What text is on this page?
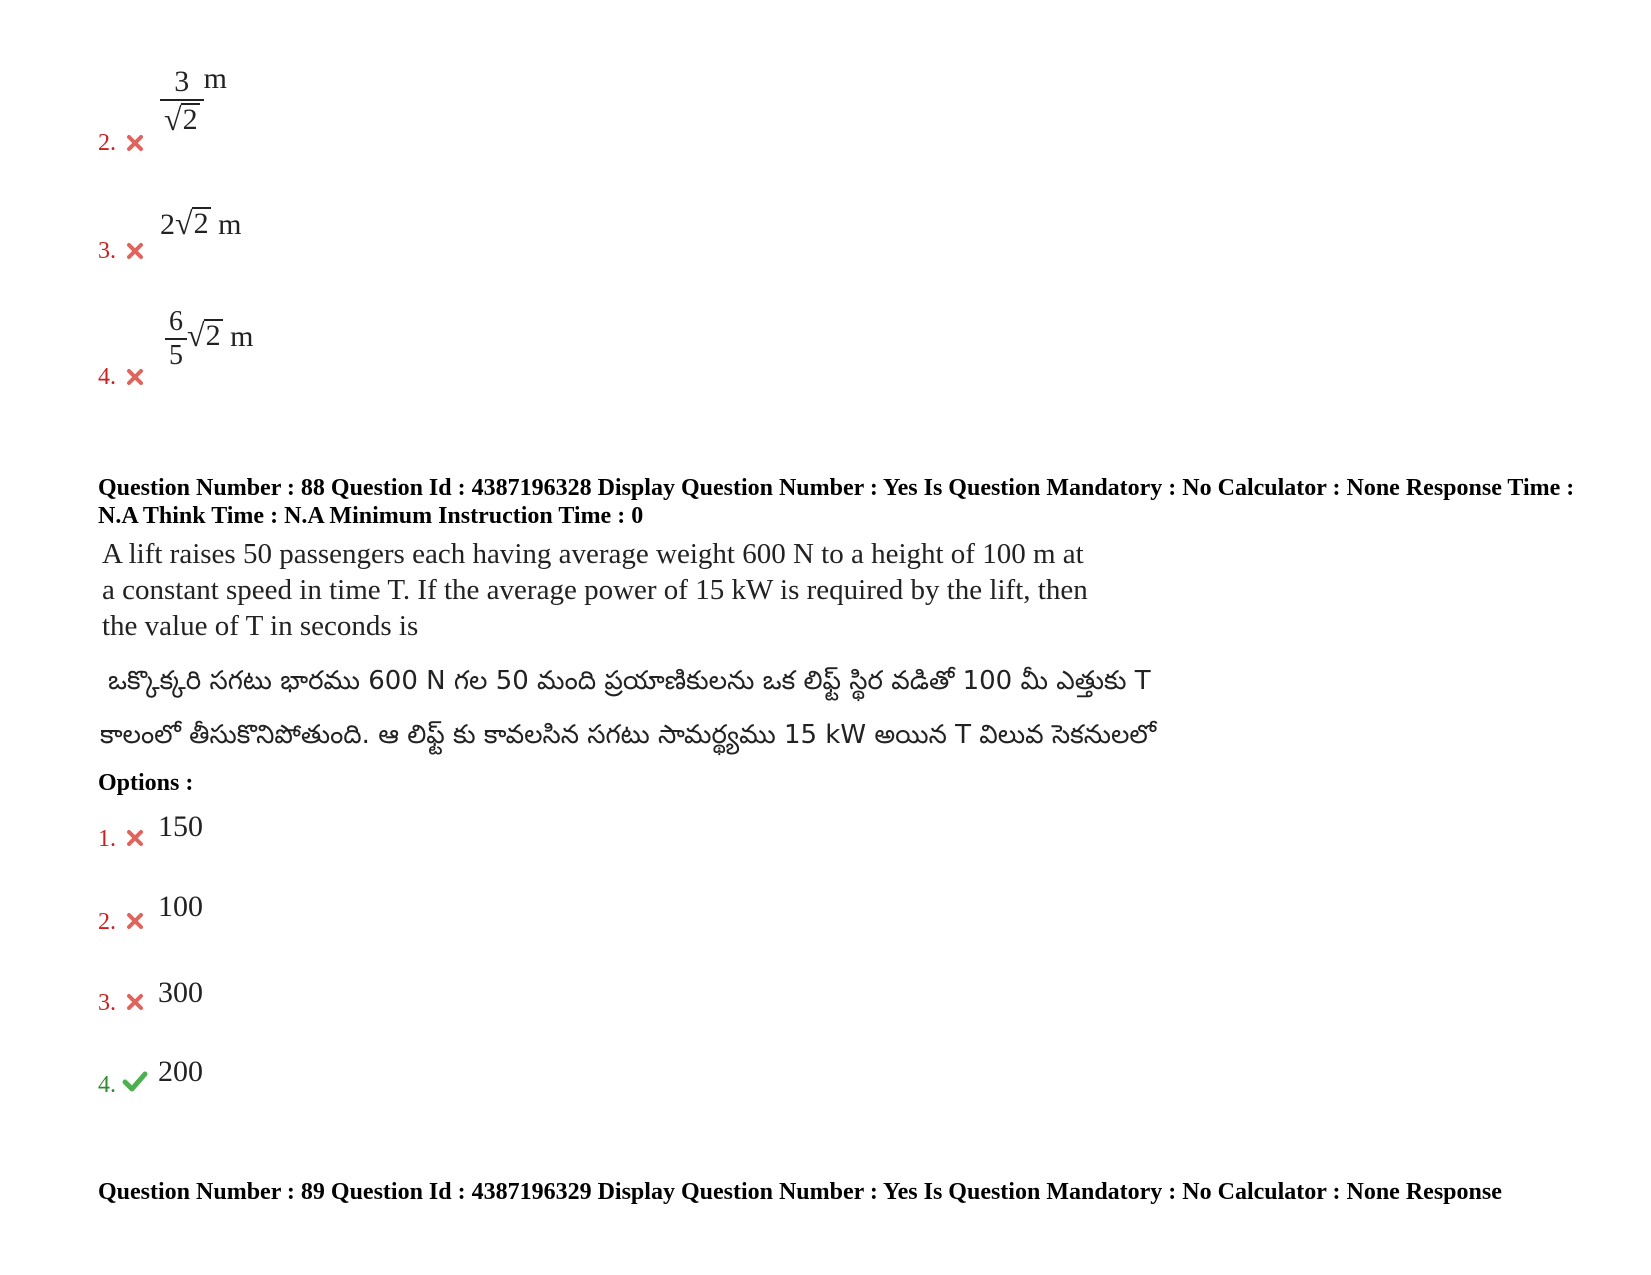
2.
$\frac{3}{√ 2}$ m
3.
2 √ 2 m
4.
$\frac{6}{5}$ √ 2 m
Question Number : 88 Question Id : 4387196328 Display Question Number : Yes Is Question Mandatory : No Calculator : None Response Time : N.A Think Time : N.A Minimum Instruction Time : 0
A lift raises 50 passengers each having average weight 600 N to a height of 100 m at
a constant speed in time T. If the average power of 15 kW is required by the lift, then
the value of T in seconds is
ఒక్కొక్కరి సగటు భారము 600 N గల 50 మంది ప్రయాణికులను ఒక లిఫ్ట్ స్థిర వడితో 100 మీ ఎత్తుకు T
కాలంలో తీసుకొనిపోతుంది. ఆ లిఫ్ట్ కు కావలసిన సగటు సామర్థ్యము 15 kW అయిన T విలువ సెకనులలో
Options :
1. 150
2. 100
3. 300
4. 200
Question Number : 89 Question Id : 4387196329 Display Question Number : Yes Is Question Mandatory : No Calculator : None Response
